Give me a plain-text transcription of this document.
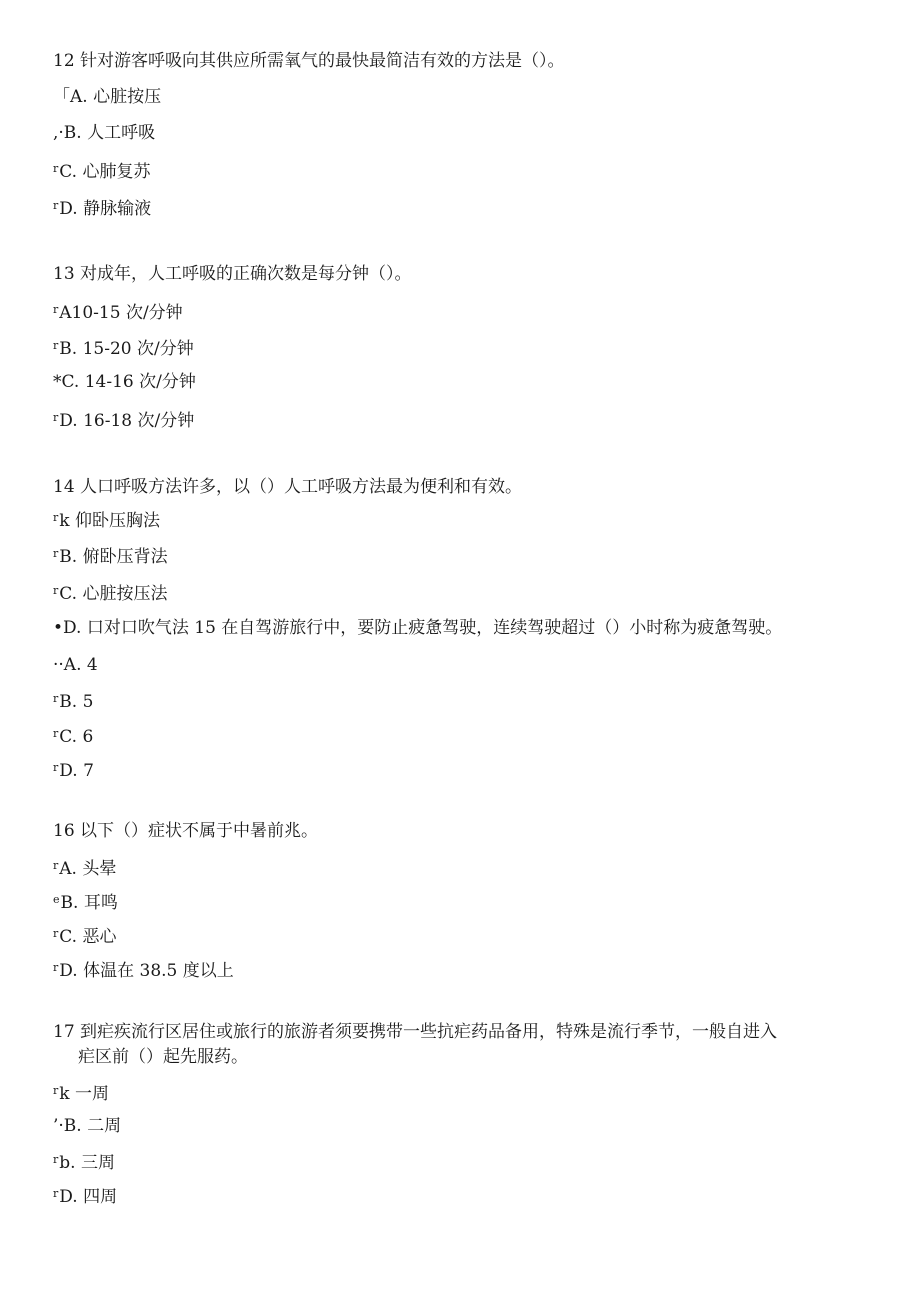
12 针对游客呼吸向其供应所需氧气的最快最简洁有效的方法是（）。
「A. 心脏按压
,·B. 人工呼吸
$^r$C. 心肺复苏
$^r$D. 静脉输液
13 对成年，人工呼吸的正确次数是每分钟（）。
$^r$A10-15 次/分钟
$^r$B. 15-20 次/分钟
*C. 14-16 次/分钟
$^r$D. 16-18 次/分钟
14 人口呼吸方法许多，以（）人工呼吸方法最为便利和有效。
$^r$k 仰卧压胸法
$^r$B. 俯卧压背法
$^r$C. 心脏按压法
•D. 口对口吹气法 15 在自驾游旅行中，要防止疲惫驾驶，连续驾驶超过（）小时称为疲惫驾驶。
··A. 4
$^r$B. 5
$^r$C. 6
$^r$D. 7
16 以下（）症状不属于中暑前兆。
$^r$A. 头晕
$^e$B. 耳鸣
$^r$C. 恶心
$^r$D. 体温在 38.5 度以上
17 到疟疾流行区居住或旅行的旅游者须要携带一些抗疟药品备用，特殊是流行季节，一般自进入
疟区前（）起先服药。
$^r$k 一周
’·B. 二周
$^r$b. 三周
$^r$D. 四周
